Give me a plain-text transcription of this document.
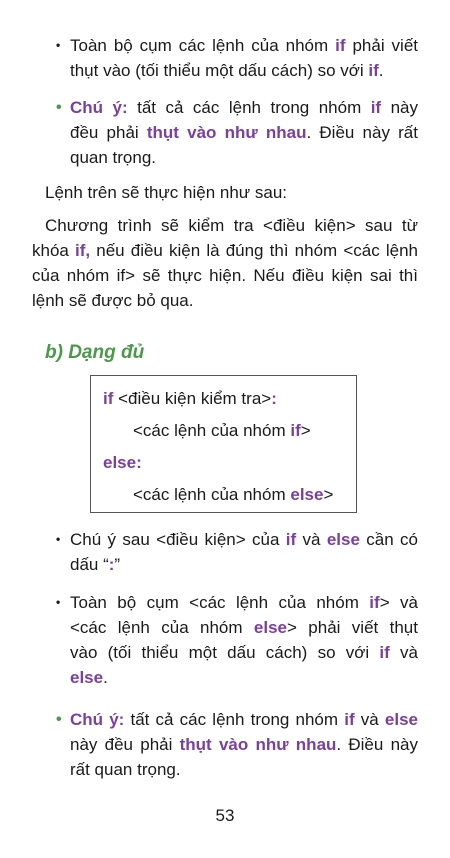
• Toàn bộ cụm các lệnh của nhóm if phải viết
thụt vào (tối thiểu một dấu cách) so với if.
• Chú ý: tất cả các lệnh trong nhóm if này
đều phải thụt vào như nhau. Điều này rất
quan trọng.
Lệnh trên sẽ thực hiện như sau:
Chương trình sẽ kiểm tra <điều kiện> sau từ
khóa if, nếu điều kiện là đúng thì nhóm <các lệnh
của nhóm if> sẽ thực hiện. Nếu điều kiện sai thì
lệnh sẽ được bỏ qua.
b) Dạng đủ
if <điều kiện kiểm tra>:
<các lệnh của nhóm if>
else:
<các lệnh của nhóm else>
• Chú ý sau <điều kiện> của if và else cần có
dấu “:”
• Toàn bộ cụm <các lệnh của nhóm if> và
<các lệnh của nhóm else> phải viết thụt
vào (tối thiểu một dấu cách) so với if và
else.
• Chú ý: tất cả các lệnh trong nhóm if và else
này đều phải thụt vào như nhau. Điều này
rất quan trọng.
53
